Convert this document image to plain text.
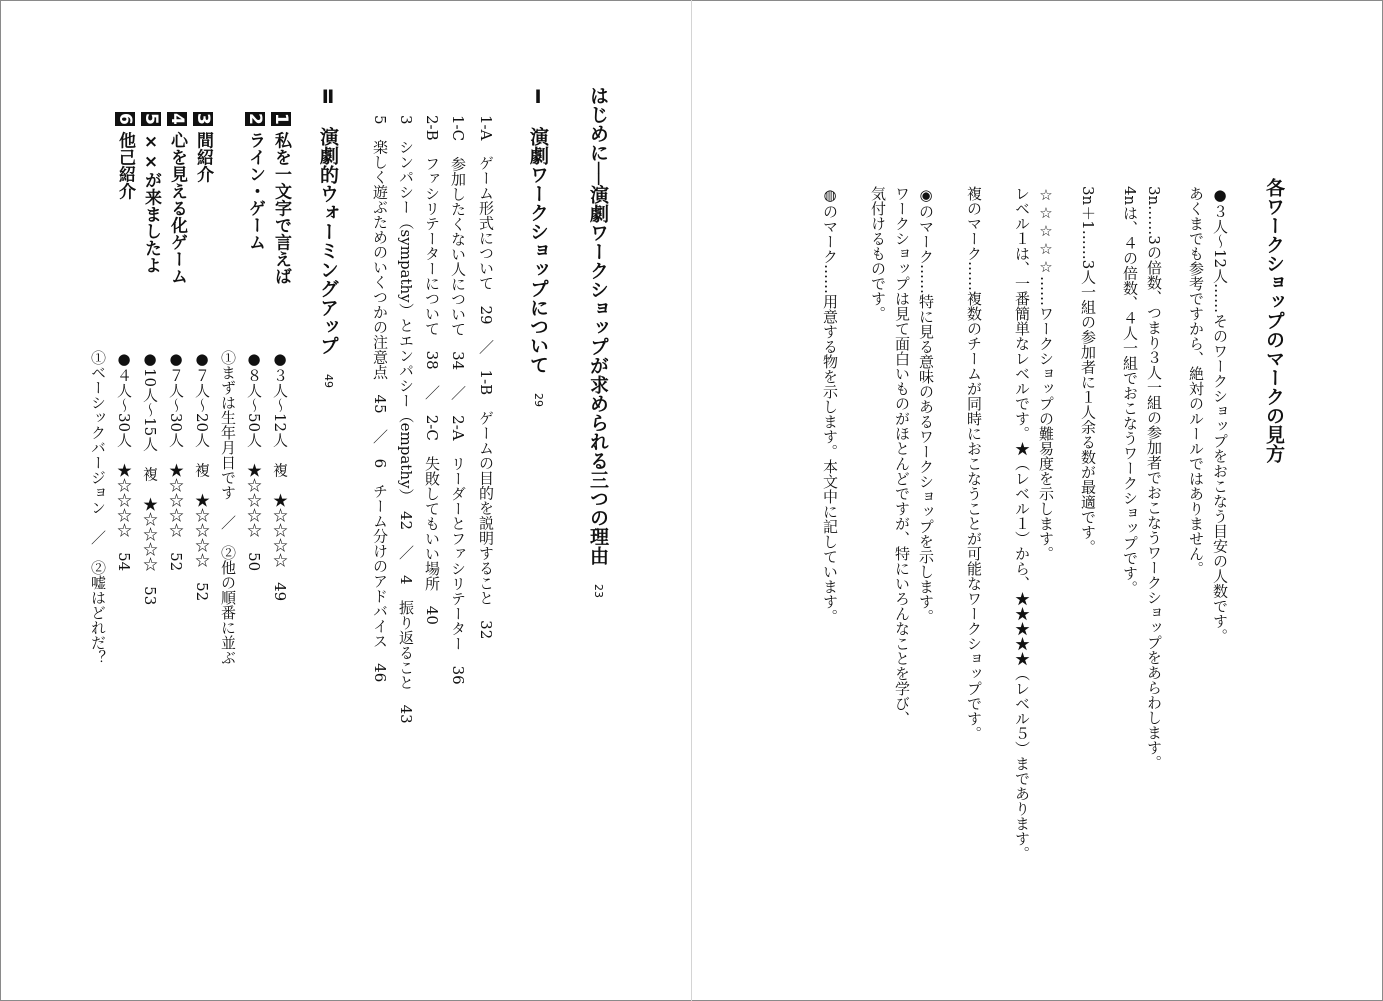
各ワークショップのマークの見方
●３人〜12人……そのワークショップをおこなう目安の人数です。
あくまでも参考ですから、絶対のルールではありません。
3n……3の倍数、つまり３人一組の参加者でおこなうワークショップをあらわします。
4nは、４の倍数、４人一組でおこなうワークショップです。
3n＋1……3人一組の参加者に１人余る数が最適です。
☆☆☆☆☆……ワークショップの難易度を示します。
レベル１は、一番簡単なレベルです。★（レベル１）から、★★★★★（レベル５）まであります。
複のマーク……複数のチームが同時におこなうことが可能なワークショップです。
◉のマーク……特に見る意味のあるワークショップを示します。
ワークショップは見て面白いものがほとんどですが、特にいろんなことを学び、
気付けるものです。
◍のマーク……用意する物を示します。本文中に記しています。
はじめに──演劇ワークショップが求められる三つの理由 23
Ⅰ　演劇ワークショップについて 29
1-A　ゲーム形式について　29　／　1-B　ゲームの目的を説明すること　32
1-C　参加したくない人について　34　／　2-A　リーダーとファシリテーター　36
2-B　ファシリテーターについて　38　／　2-C　失敗してもいい場所　40
3　シンパシー（sympathy）とエンパシー（empathy）　42　／　4　振り返ること　43
5　楽しく遊ぶためのいくつかの注意点　45　／　6　チーム分けのアドバイス　46
Ⅱ　演劇的ウォーミングアップ 49
1 私を一文字で言えば
●３人〜12人　複　★☆☆☆☆　49
2 ライン・ゲーム
●８人〜50人　★☆☆☆☆　50
①まずは生年月日です　／　②他の順番に並ぶ
3 間紹介
●７人〜20人　複　★☆☆☆☆　52
4 心を見える化ゲーム
●７人〜30人　★☆☆☆☆　52
5 ××が来ましたよ
●10人〜15人　複　★☆☆☆☆　53
6 他己紹介
●４人〜30人　★☆☆☆☆　54
①ベーシックバージョン　／　②嘘はどれだ？
